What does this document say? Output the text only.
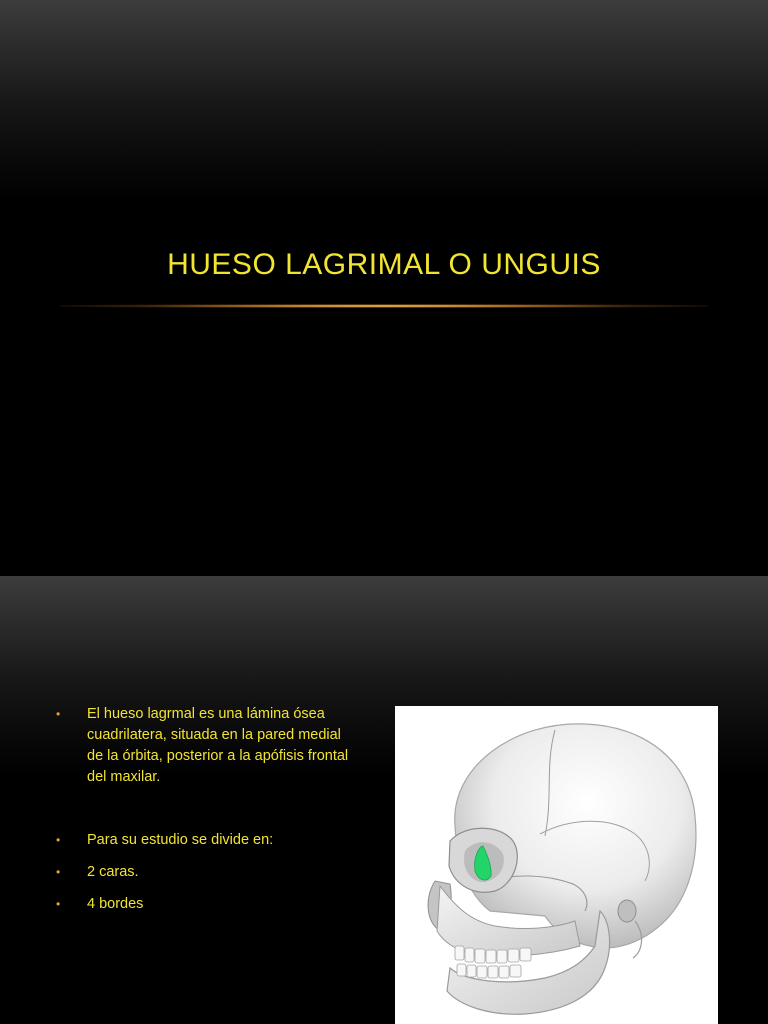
HUESO LAGRIMAL O UNGUIS
• El hueso lagrmal es una lámina ósea cuadrilatera, situada en la pared medial de la órbita, posterior a la apófisis frontal del maxilar.
• Para su estudio se divide en:
• 2 caras.
• 4 bordes
